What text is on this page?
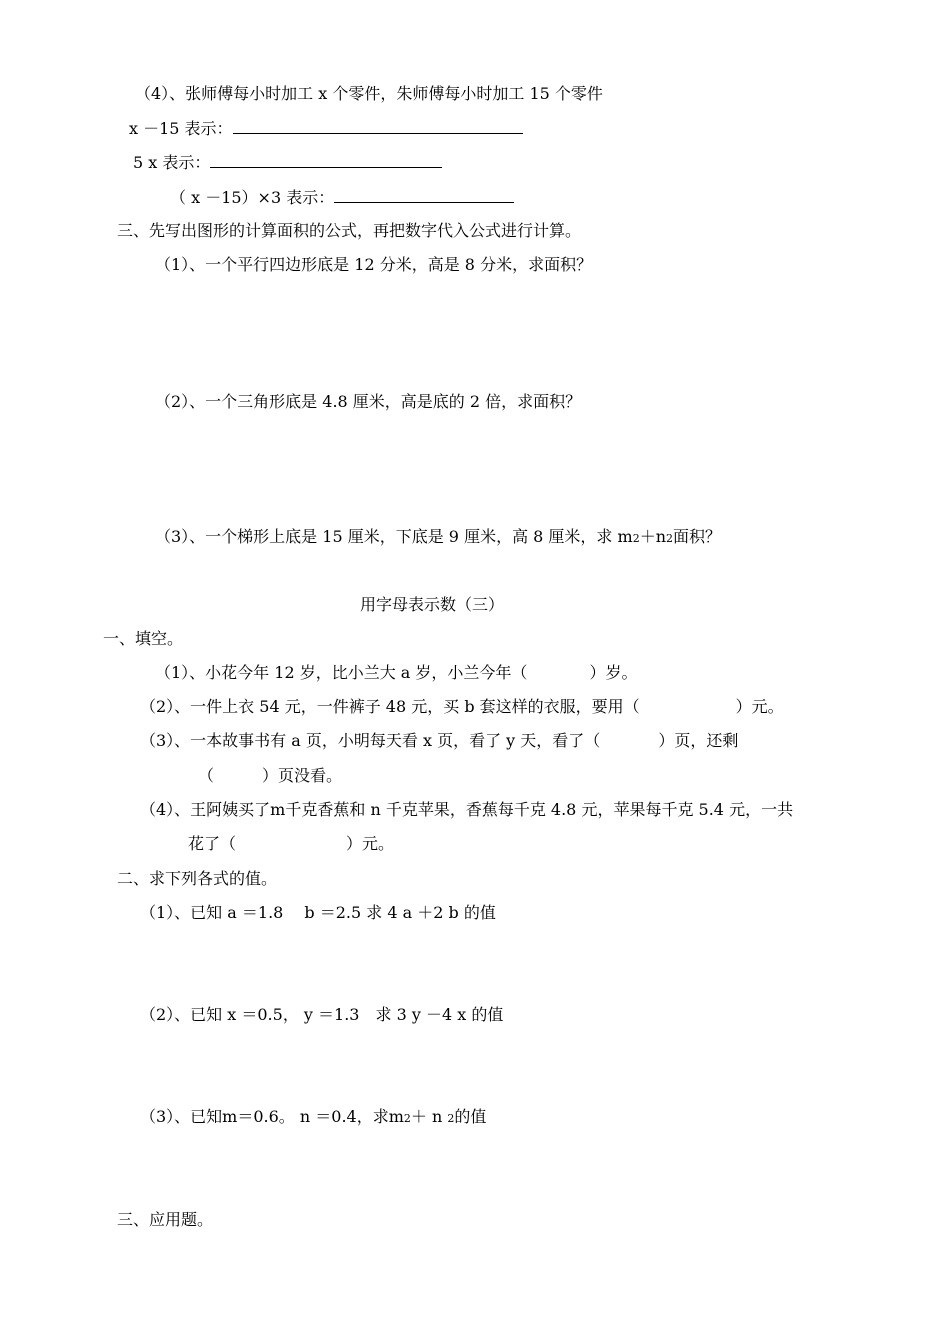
（4）、张师傅每小时加工 x 个零件，朱师傅每小时加工 15 个零件
x －15 表示：
5 x 表示：
（ x －15）×3 表示：
三、先写出图形的计算面积的公式，再把数字代入公式进行计算。
（1）、一个平行四边形底是 12 分米，高是 8 分米，求面积？
（2）、一个三角形底是 4.8 厘米，高是底的 2 倍，求面积？
（3）、一个梯形上底是 15 厘米，下底是 9 厘米，高 8 厘米，求 m2＋n2面积？
用字母表示数（三）
一、填空。
（1）、小花今年 12 岁，比小兰大 a 岁，小兰今年（	）岁。
（2）、一件上衣 54 元，一件裤子 48 元，买 b 套这样的衣服，要用（	）元。
（3）、一本故事书有 a 页，小明每天看 x 页，看了 y 天，看了（	）页，还剩
（	）页没看。
（4）、王阿姨买了m千克香蕉和 n 千克苹果，香蕉每千克 4.8 元，苹果每千克 5.4 元，一共
花了（	）元。
二、求下列各式的值。
（1）、已知 a ＝1.8　 b ＝2.5 求 4 a ＋2 b 的值
（2）、已知 x ＝0.5， y ＝1.3　求 3 y －4 x 的值
（3）、已知m＝0.6。 n ＝0.4，求m2＋ n 2的值
三、应用题。
